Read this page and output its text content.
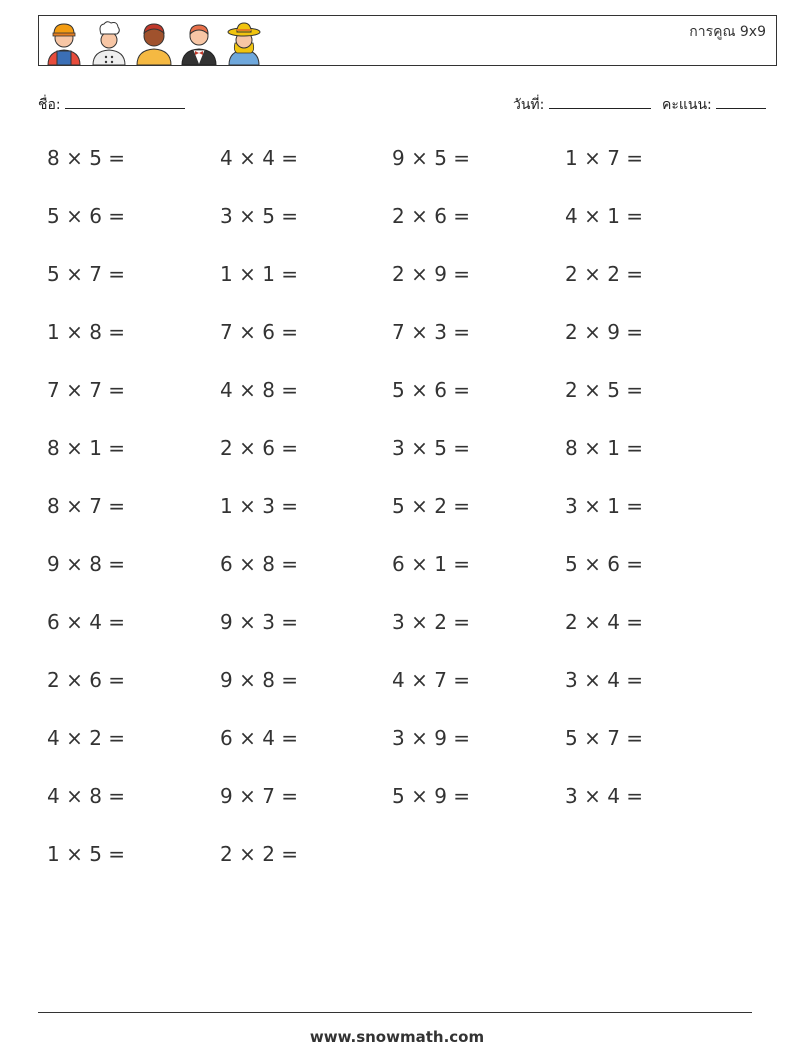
การคูณ 9x9
ชื่อ:	วันที่:	คะแนน:
8 × 5 =	4 × 4 =	9 × 5 =	1 × 7 =
5 × 6 =	3 × 5 =	2 × 6 =	4 × 1 =
5 × 7 =	1 × 1 =	2 × 9 =	2 × 2 =
1 × 8 =	7 × 6 =	7 × 3 =	2 × 9 =
7 × 7 =	4 × 8 =	5 × 6 =	2 × 5 =
8 × 1 =	2 × 6 =	3 × 5 =	8 × 1 =
8 × 7 =	1 × 3 =	5 × 2 =	3 × 1 =
9 × 8 =	6 × 8 =	6 × 1 =	5 × 6 =
6 × 4 =	9 × 3 =	3 × 2 =	2 × 4 =
2 × 6 =	9 × 8 =	4 × 7 =	3 × 4 =
4 × 2 =	6 × 4 =	3 × 9 =	5 × 7 =
4 × 8 =	9 × 7 =	5 × 9 =	3 × 4 =
1 × 5 =	2 × 2 =
www.snowmath.com
